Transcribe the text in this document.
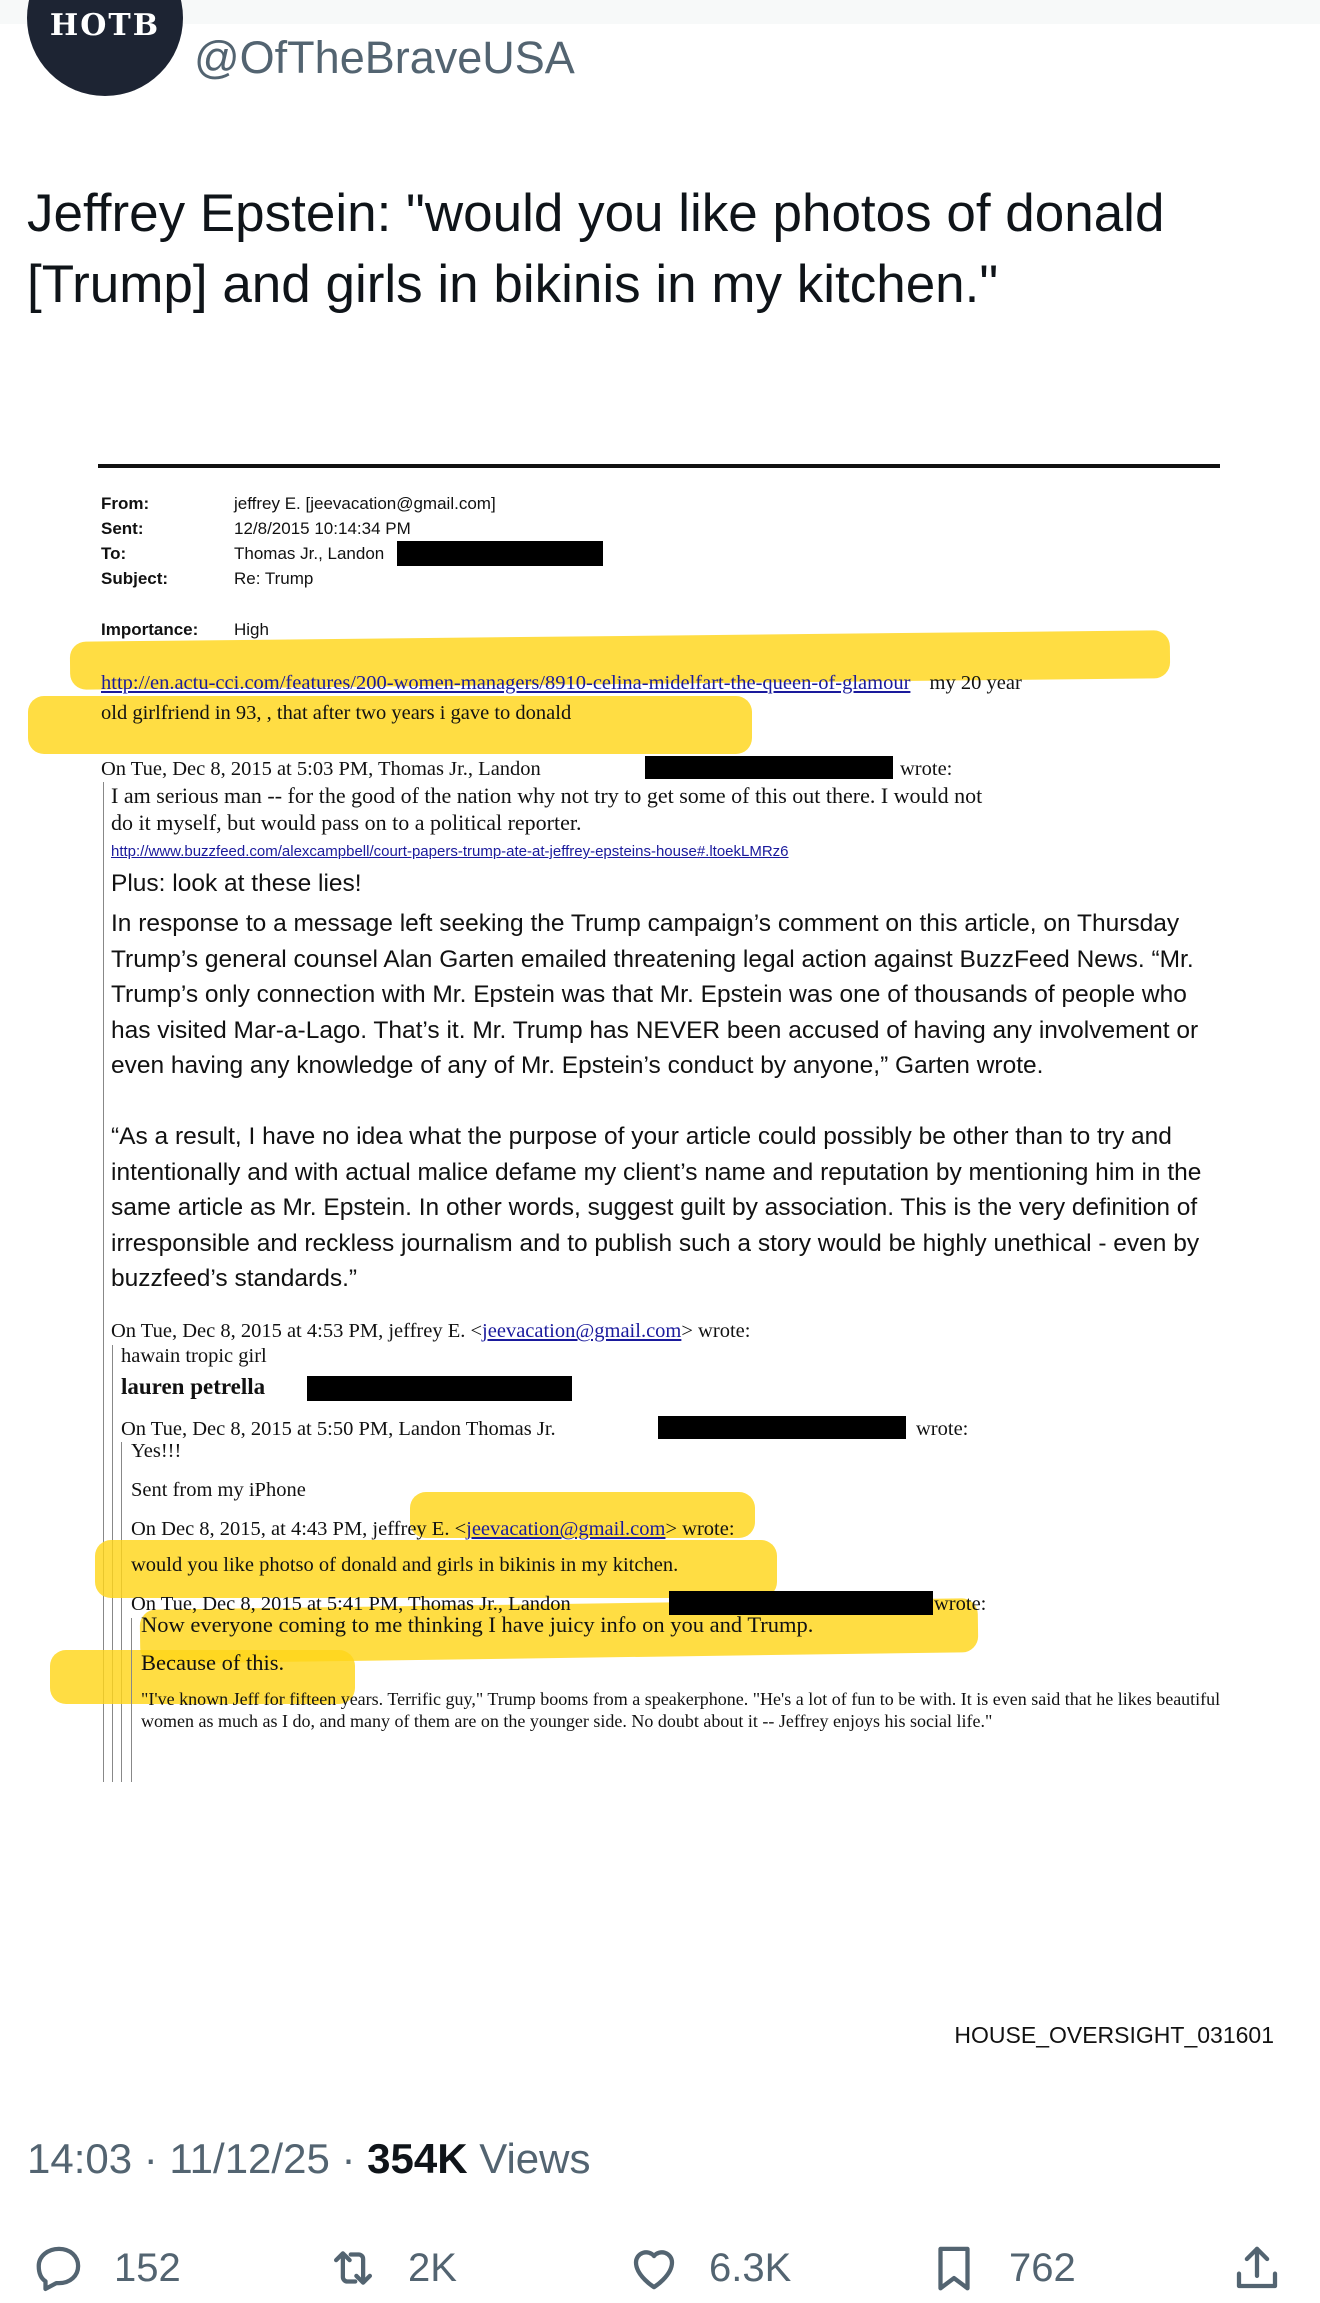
HOTB
@OfTheBraveUSA
Jeffrey Epstein: "would you like photos of donald [Trump] and girls in bikinis in my kitchen."
From:	jeffrey E. [jeevacation@gmail.com]
Sent:	12/8/2015 10:14:34 PM
To:	Thomas Jr., Landon
Subject:	Re: Trump
Importance: High
http://en.actu-cci.com/features/200-women-managers/8910-celina-midelfart-the-queen-of-glamour my 20 year
old girlfriend in 93, , that after two years i gave to donald
On Tue, Dec 8, 2015 at 5:03 PM, Thomas Jr., Landon	wrote:
I am serious man -- for the good of the nation why not try to get some of this out there. I would not
do it myself, but would pass on to a political reporter.
http://www.buzzfeed.com/alexcampbell/court-papers-trump-ate-at-jeffrey-epsteins-house#.ltoekLMRz6
Plus: look at these lies!
In response to a message left seeking the Trump campaign’s comment on this article, on Thursday Trump’s general counsel Alan Garten emailed threatening legal action against BuzzFeed News. “Mr. Trump’s only connection with Mr. Epstein was that Mr. Epstein was one of thousands of people who has visited Mar-a-Lago. That’s it. Mr. Trump has NEVER been accused of having any involvement or even having any knowledge of any of Mr. Epstein’s conduct by anyone,” Garten wrote.
“As a result, I have no idea what the purpose of your article could possibly be other than to try and intentionally and with actual malice defame my client’s name and reputation by mentioning him in the same article as Mr. Epstein. In other words, suggest guilt by association. This is the very definition of irresponsible and reckless journalism and to publish such a story would be highly unethical - even by buzzfeed’s standards.”
On Tue, Dec 8, 2015 at 4:53 PM, jeffrey E. <jeevacation@gmail.com> wrote:
hawain tropic girl
lauren petrella
On Tue, Dec 8, 2015 at 5:50 PM, Landon Thomas Jr.	wrote:
Yes!!!
Sent from my iPhone
On Dec 8, 2015, at 4:43 PM, jeffrey E. <jeevacation@gmail.com> wrote:
would you like photso of donald and girls in bikinis in my kitchen.
On Tue, Dec 8, 2015 at 5:41 PM, Thomas Jr., Landon	wrote:
Now everyone coming to me thinking I have juicy info on you and Trump.
Because of this.
"I've known Jeff for fifteen years. Terrific guy," Trump booms from a speakerphone. "He's a lot of fun to be with. It is even said that he likes beautiful women as much as I do, and many of them are on the younger side. No doubt about it -- Jeffrey enjoys his social life."
HOUSE_OVERSIGHT_031601
14:03 · 11/12/25 · 354K Views
152	2K	6.3K	762
